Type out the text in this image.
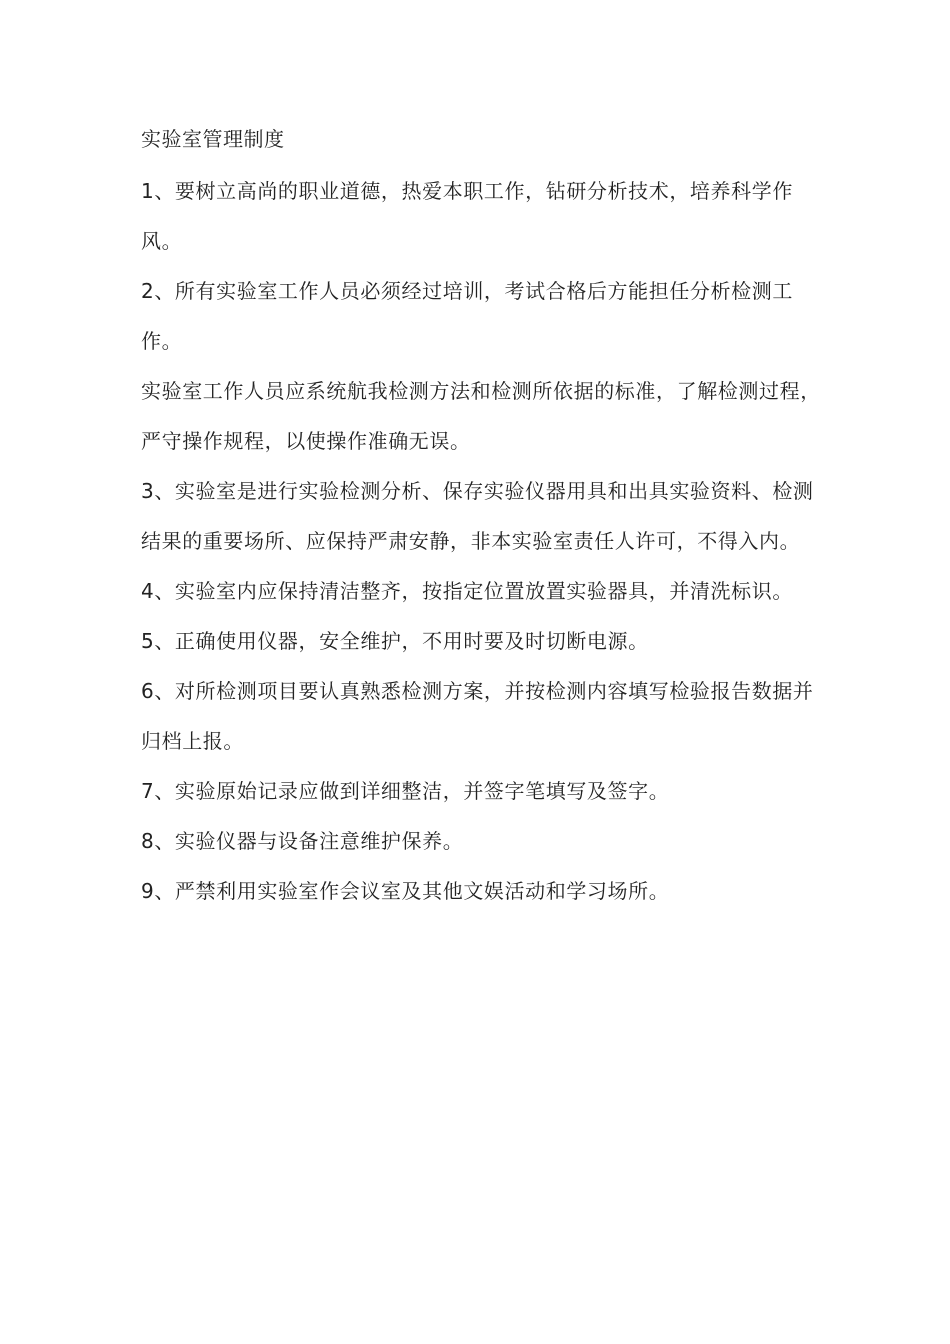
实验室管理制度

1、要树立高尚的职业道德，热爱本职工作，钻研分析技术，培养科学作风。

2、所有实验室工作人员必须经过培训，考试合格后方能担任分析检测工作。

实验室工作人员应系统航我检测方法和检测所依据的标准，了解检测过程，严守操作规程，以使操作准确无误。

3、实验室是进行实验检测分析、保存实验仪器用具和出具实验资料、检测结果的重要场所、应保持严肃安静，非本实验室责任人许可，不得入内。

4、实验室内应保持清洁整齐，按指定位置放置实验器具，并清洗标识。

5、正确使用仪器，安全维护，不用时要及时切断电源。

6、对所检测项目要认真熟悉检测方案，并按检测内容填写检验报告数据并归档上报。

7、实验原始记录应做到详细整洁，并签字笔填写及签字。

8、实验仪器与设备注意维护保养。

9、严禁利用实验室作会议室及其他文娱活动和学习场所。
